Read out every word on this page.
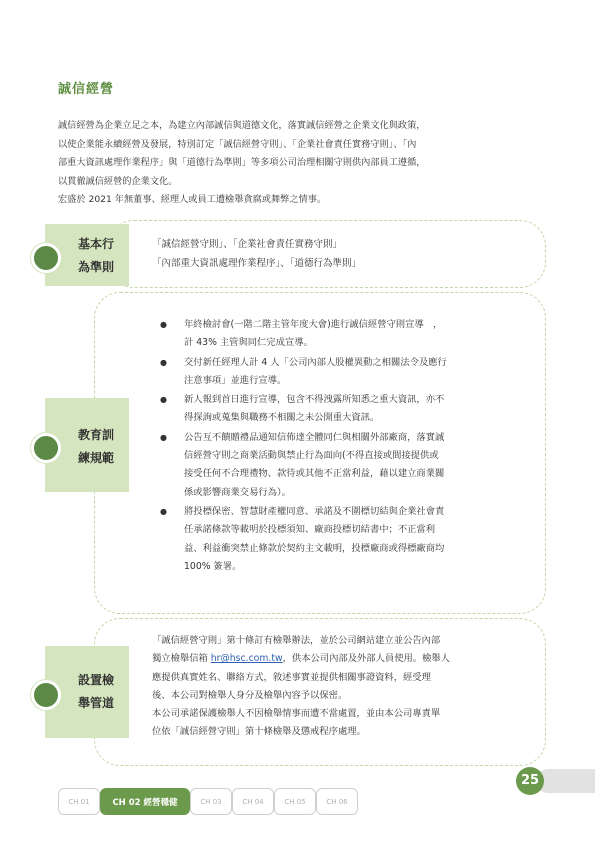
誠信經營

誠信經營為企業立足之本，為建立內部誠信與道德文化，落實誠信經營之企業文化與政策，

以使企業能永續經營及發展，特別訂定「誠信經營守則」、「企業社會責任實務守則」、「內

部重大資訊處理作業程序」與「道德行為準則」等多項公司治理相關守則供內部員工遵循，

以貫徹誠信經營的企業文化。

宏盛於 2021 年無董事、經理人或員工遭檢舉貪腐或舞弊之情事。

基本行
為準則
「誠信經營守則」、「企業社會責任實務守則」
「內部重大資訊處理作業程序」、「道德行為準則」
教育訓
練規範
● 年終檢討會(一階二階主管年度大會)進行誠信經營守則宣導　，
計 43% 主管與同仁完成宣導。
● 交付新任經理人計 4 人「公司內部人股權異動之相關法令及應行
注意事項」並進行宣導。
● 新人報到首日進行宣導，包含不得洩露所知悉之重大資訊，亦不
得探詢或蒐集與職務不相關之未公開重大資訊。
● 公告互不饋贈禮品通知信佈達全體同仁與相關外部廠商，落實誠
信經營守則之商業活動與禁止行為面向(不得直接或間接提供或
接受任何不合理禮物、款待或其他不正當利益，藉以建立商業關
係或影響商業交易行為）。
● 將投標保密、智慧財產權同意、承諾及不圍標切結與企業社會責
任承諾條款等載明於投標須知、廠商投標切結書中；不正當利
益、利益衝突禁止條款於契約主文載明，投標廠商或得標廠商均
100% 簽署。
設置檢
舉管道

「誠信經營守則」第十條訂有檢舉辦法，並於公司網站建立並公告內部

獨立檢舉信箱 hr@hsc.com.tw，供本公司內部及外部人員使用。檢舉人

應提供真實姓名、聯絡方式，敘述事實並提供相關事證資料，經受理

後、本公司對檢舉人身分及檢舉內容予以保密。

本公司承諾保護檢舉人不因檢舉情事而遭不當處置，並由本公司專責單

位依「誠信經營守則」第十條檢舉及懲戒程序處理。

25
CH 01	CH 02 經營穩健	CH 03	CH 04	CH 05	CH 06
